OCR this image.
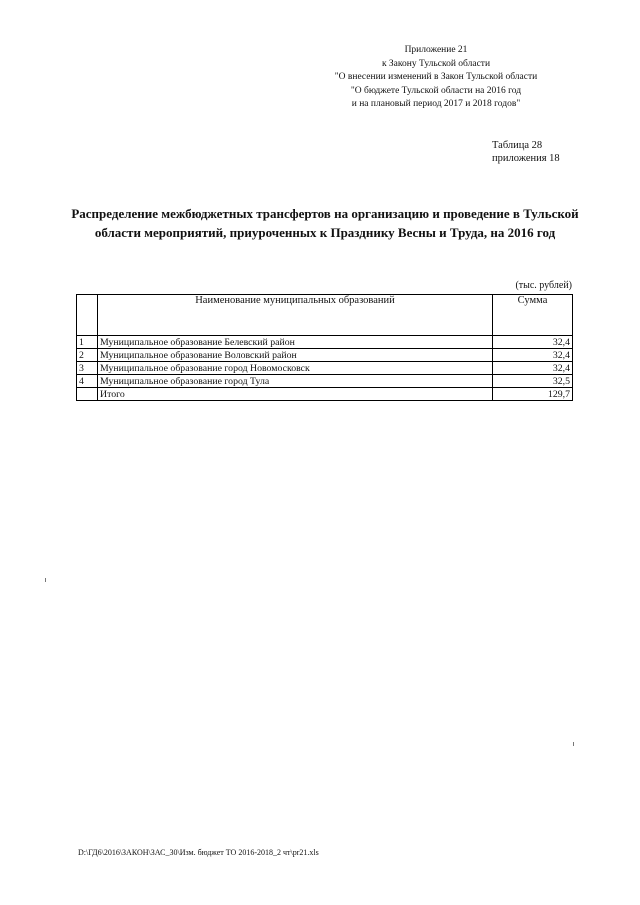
Приложение 21
к Закону Тульской области
"О внесении изменений в Закон Тульской области
"О бюджете Тульской области на 2016 год
и на плановый период 2017 и 2018 годов"
Таблица 28
приложения 18
Распределение межбюджетных трансфертов на организацию и проведение в Тульской области мероприятий, приуроченных к Празднику Весны и Труда, на 2016 год
(тыс. рублей)
	Наименование муниципальных образований	Сумма
1	Муниципальное образование Белевский район	32,4
2	Муниципальное образование Воловский район	32,4
3	Муниципальное образование город Новомосковск	32,4
4	Муниципальное образование город Тула	32,5
	Итого	129,7
D:\ГД6\2016\ЗАКОН\ЗАС_30\Изм. бюджет ТО 2016-2018_2 чт\pr21.xls
